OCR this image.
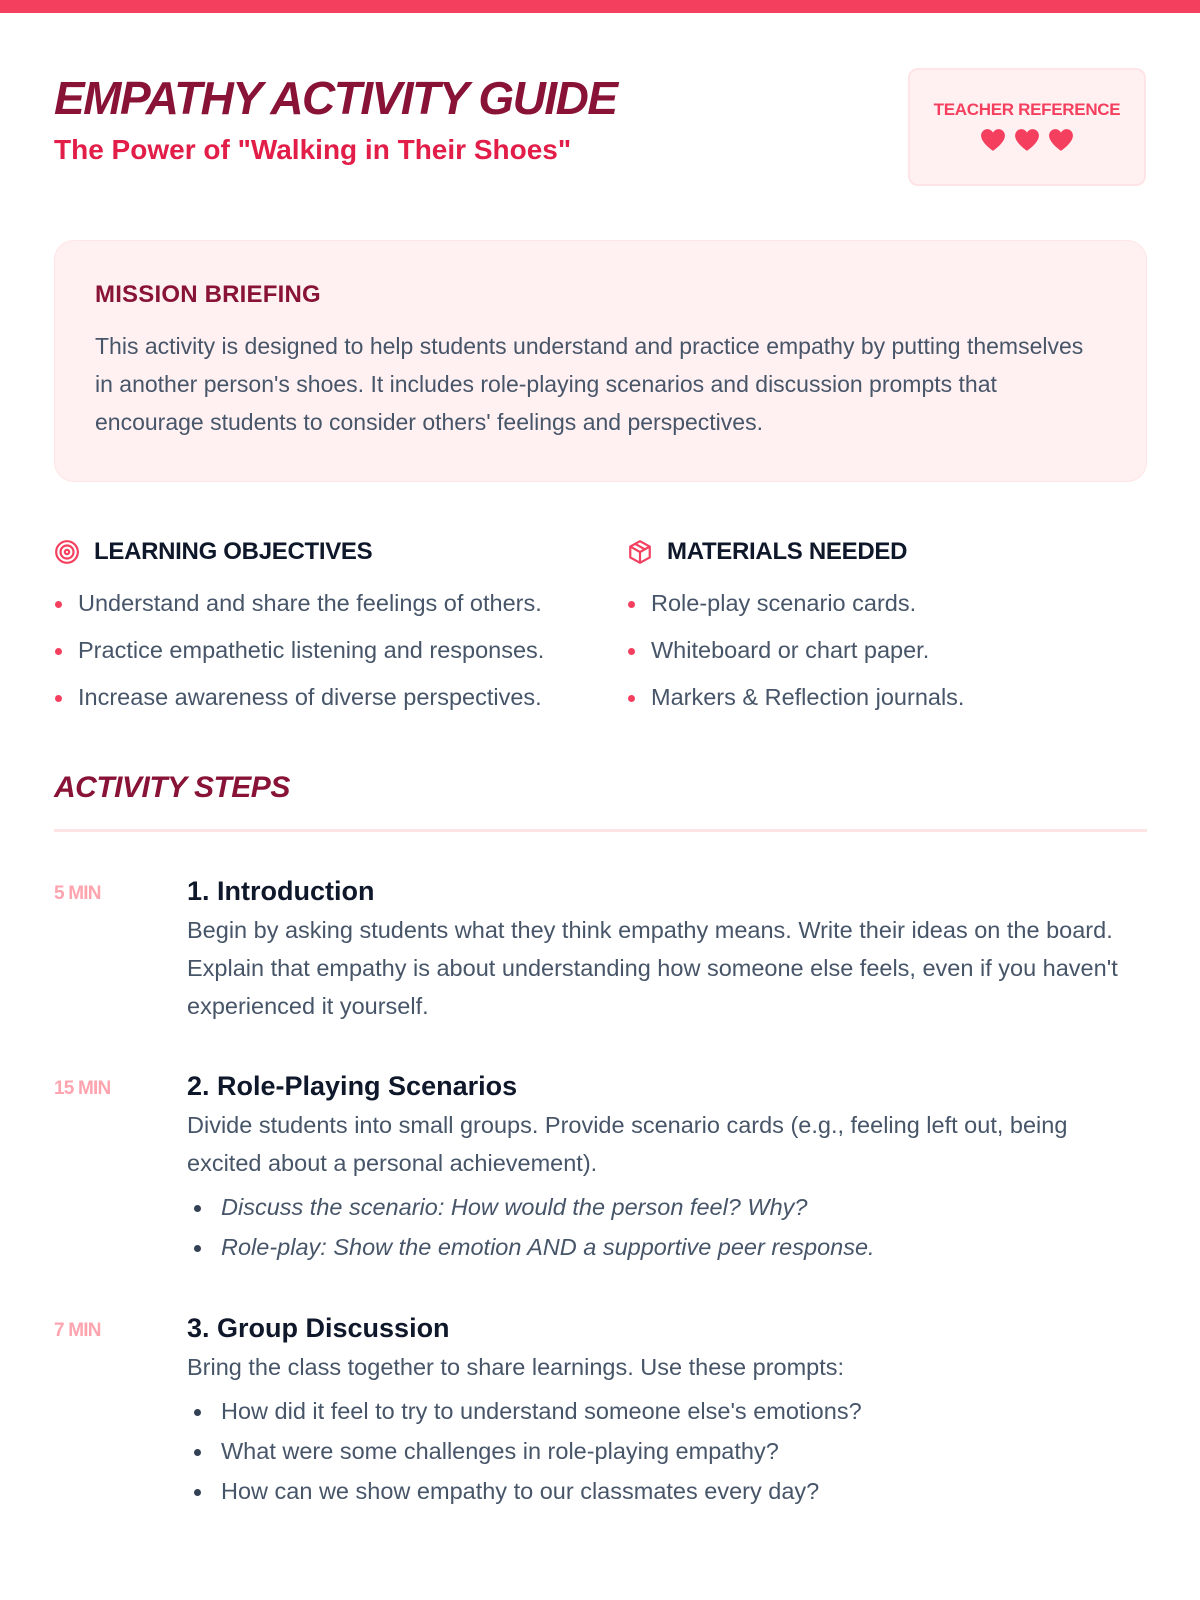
EMPATHY ACTIVITY GUIDE
The Power of "Walking in Their Shoes"
TEACHER REFERENCE
MISSION BRIEFING

This activity is designed to help students understand and practice empathy by putting themselves in another person's shoes. It includes role-playing scenarios and discussion prompts that encourage students to consider others' feelings and perspectives.

LEARNING OBJECTIVES
Understand and share the feelings of others.
Practice empathetic listening and responses.
Increase awareness of diverse perspectives.
MATERIALS NEEDED
Role-play scenario cards.
Whiteboard or chart paper.
Markers & Reflection journals.
ACTIVITY STEPS
5 MIN	1. Introduction

Begin by asking students what they think empathy means. Write their ideas on the board. Explain that empathy is about understanding how someone else feels, even if you haven't experienced it yourself.

15 MIN	2. Role-Playing Scenarios

Divide students into small groups. Provide scenario cards (e.g., feeling left out, being excited about a personal achievement).

Discuss the scenario: How would the person feel? Why?
Role-play: Show the emotion AND a supportive peer response.
7 MIN	3. Group Discussion

Bring the class together to share learnings. Use these prompts:

How did it feel to try to understand someone else's emotions?
What were some challenges in role-playing empathy?
How can we show empathy to our classmates every day?
